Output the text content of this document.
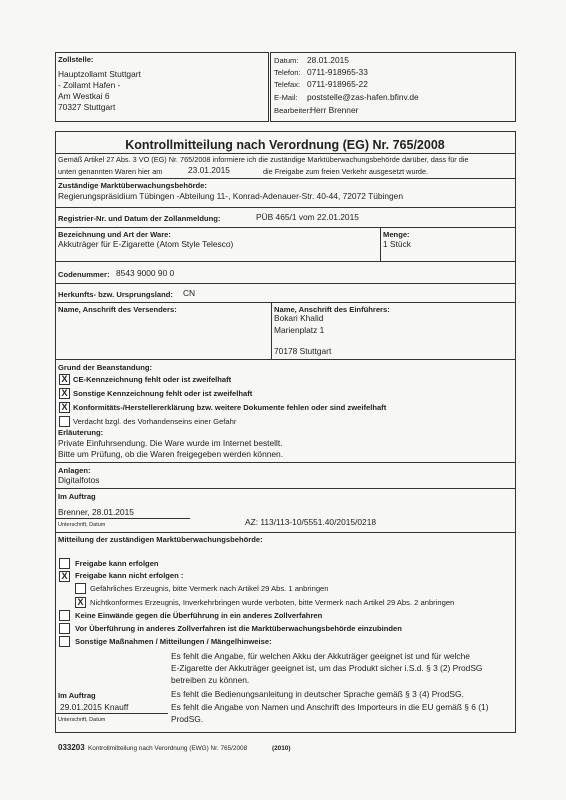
Zollstelle:
Hauptzollamt Stuttgart
- Zollamt Hafen -
Am Westkai 6
70327 Stuttgart
Datum: 28.01.2015
Telefon: 0711-918965-33
Telefax: 0711-918965-22
E-Mail: poststelle@zas-hafen.bfinv.de
Bearbeiter:
Herr Brenner
Kontrollmitteilung nach Verordnung (EG) Nr. 765/2008
Gemäß Artikel 27 Abs. 3 VO (EG) Nr. 765/2008 informiere ich die zuständige Marktüberwachungsbehörde darüber, dass für die
unten genannten Waren hier am	23.01.2015	die Freigabe zum freien Verkehr ausgesetzt wurde.
Zuständige Marktüberwachungsbehörde:
Regierungspräsidium Tübingen -Abteilung 11-, Konrad-Adenauer-Str. 40-44, 72072 Tübingen
Registrier-Nr. und Datum der Zollanmeldung:	PÜB 465/1 vom 22.01.2015
Bezeichnung und Art der Ware:
Akkuträger für E-Zigarette (Atom Style Telesco)
Menge:
1 Stück
Codenummer: 8543 9000 90 0
Herkunfts- bzw. Ursprungsland: CN
Name, Anschrift des Versenders:	Name, Anschrift des Einführers:
Bokari Khalid
Marienplatz 1
70178 Stuttgart
Grund der Beanstandung:
X CE-Kennzeichnung fehlt oder ist zweifelhaft
X Sonstige Kennzeichnung fehlt oder ist zweifelhaft
X Konformitäts-/Herstellererklärung bzw. weitere Dokumente fehlen oder sind zweifelhaft
Verdacht bzgl. des Vorhandenseins einer Gefahr
Erläuterung:
Private Einfuhrsendung. Die Ware wurde im Internet bestellt.
Bitte um Prüfung, ob die Waren freigegeben werden können.
Anlagen:
Digitalfotos
Im Auftrag
Brenner, 28.01.2015
Unterschrift, Datum	AZ: 113/113-10/5551.40/2015/0218
Mitteilung der zuständigen Marktüberwachungsbehörde:
Freigabe kann erfolgen
X Freigabe kann nicht erfolgen :
Gefährliches Erzeugnis, bitte Vermerk nach Artikel 29 Abs. 1 anbringen
X Nichtkonformes Erzeugnis, Inverkehrbringen wurde verboten, bitte Vermerk nach Artikel 29 Abs. 2 anbringen
Keine Einwände gegen die Überführung in ein anderes Zollverfahren
Vor Überführung in anderes Zollverfahren ist die Marktüberwachungsbehörde einzubinden
Sonstige Maßnahmen / Mitteilungen / Mängelhinweise:
Es fehlt die Angabe, für welchen Akku der Akkuträger geeignet ist und für welche
E-Zigarette der Akkuträger geeignet ist, um das Produkt sicher i.S.d. § 3 (2) ProdSG
betreiben zu können.
Es fehlt die Bedienungsanleitung in deutscher Sprache gemäß § 3 (4) ProdSG.
Es fehlt die Angabe von Namen und Anschrift des Importeurs in die EU gemäß § 6 (1)
ProdSG.
Im Auftrag
29.01.2015 Knauff
Unterschrift, Datum
033203 Kontrollmitteilung nach Verordnung (EWG) Nr. 765/2008	(2010)
